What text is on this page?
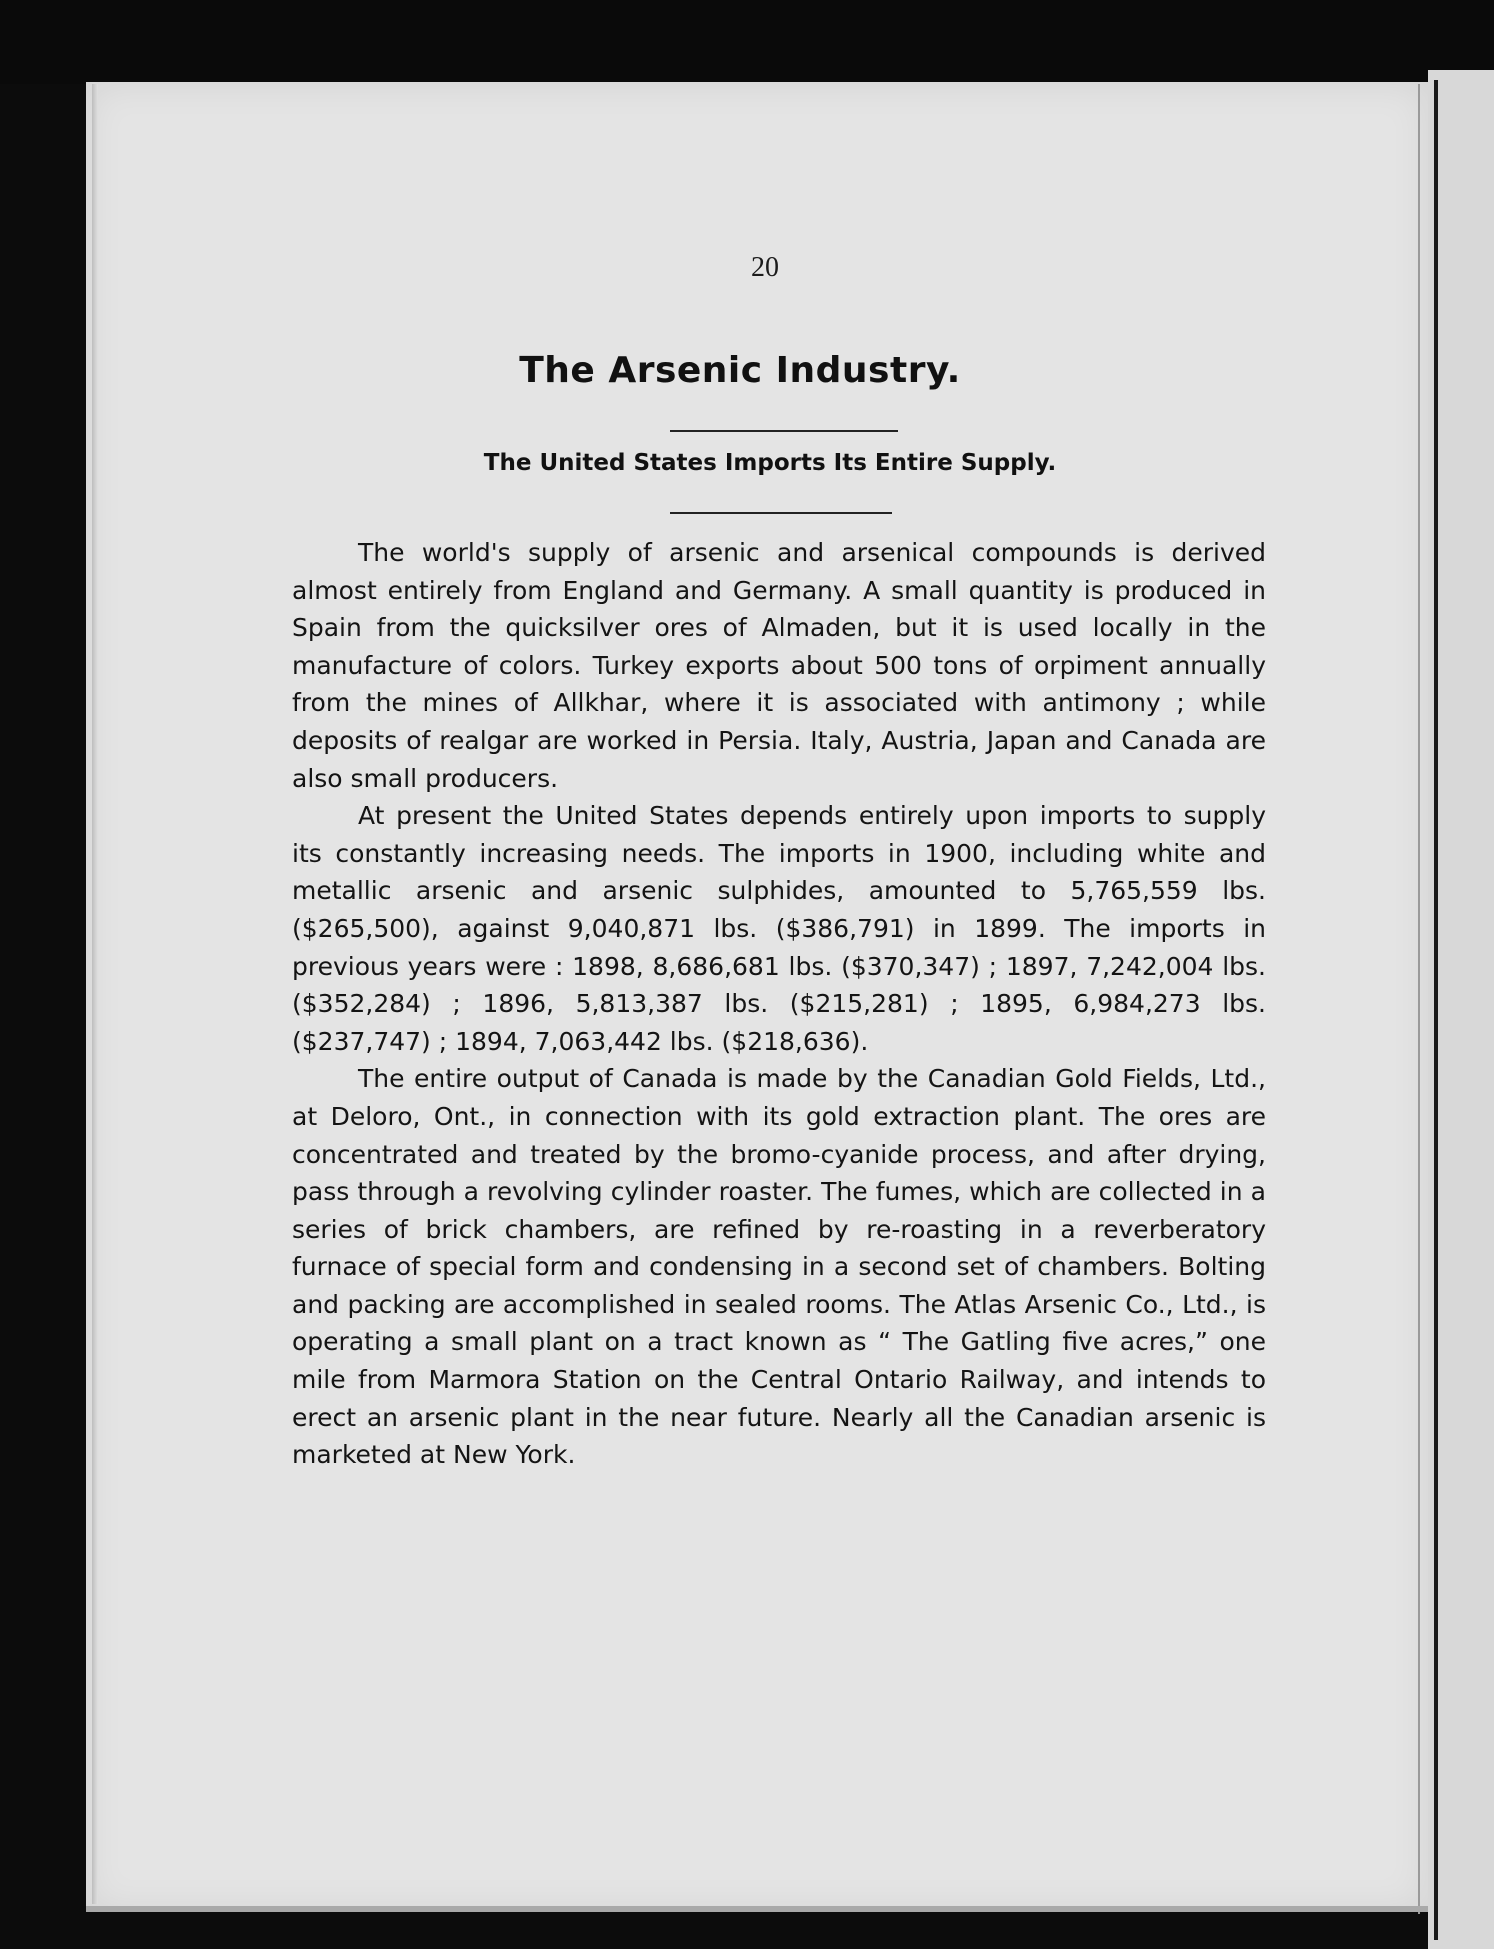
20
The Arsenic Industry.
The United States Imports Its Entire Supply.

The world's supply of arsenic and arsenical compounds is derived almost entirely from England and Germany. A small quantity is produced in Spain from the quicksilver ores of Almaden, but it is used locally in the manufacture of colors. Turkey exports about 500 tons of orpiment annually from the mines of Allkhar, where it is associated with antimony ; while deposits of realgar are worked in Persia. Italy, Austria, Japan and Canada are also small producers.

At present the United States depends entirely upon imports to supply its constantly increasing needs. The imports in 1900, including white and metallic arsenic and arsenic sulphides, amounted to 5,765,559 lbs. ($265,500), against 9,040,871 lbs. ($386,791) in 1899. The imports in previous years were : 1898, 8,686,681 lbs. ($370,347) ; 1897, 7,242,004 lbs. ($352,284) ; 1896, 5,813,387 lbs. ($215,281) ; 1895, 6,984,273 lbs. ($237,747) ; 1894, 7,063,442 lbs. ($218,636).

The entire output of Canada is made by the Canadian Gold Fields, Ltd., at Deloro, Ont., in connection with its gold extraction plant. The ores are concentrated and treated by the bromo-cyanide process, and after drying, pass through a revolving cylinder roaster. The fumes, which are collected in a series of brick chambers, are refined by re-roasting in a reverberatory furnace of special form and condensing in a second set of chambers. Bolting and packing are accomplished in sealed rooms. The Atlas Arsenic Co., Ltd., is operating a small plant on a tract known as “ The Gatling five acres,” one mile from Marmora Station on the Central Ontario Railway, and intends to erect an arsenic plant in the near future. Nearly all the Canadian arsenic is marketed at New York.
